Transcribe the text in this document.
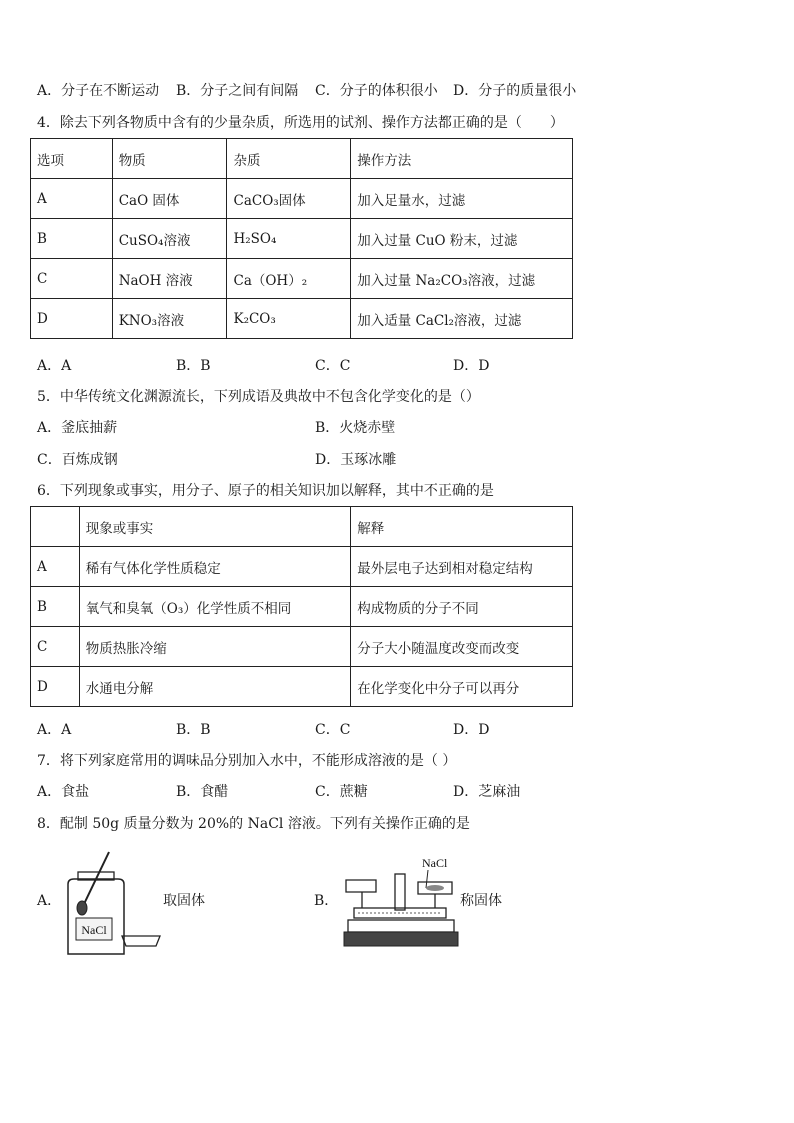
A．分子在不断运动 B．分子之间有间隔 C．分子的体积很小 D．分子的质量很小
4．除去下列各物质中含有的少量杂质，所选用的试剂、操作方法都正确的是（　　）
选项	物质	杂质	操作方法
A	CaO 固体	CaCO₃固体	加入足量水，过滤
B	CuSO₄溶液	H₂SO₄	加入过量 CuO 粉末，过滤
C	NaOH 溶液	Ca（OH）₂	加入过量 Na₂CO₃溶液，过滤
D	KNO₃溶液	K₂CO₃	加入适量 CaCl₂溶液，过滤
A．A	B．B	C．C	D．D
5．中华传统文化渊源流长，下列成语及典故中不包含化学变化的是（）
A．釜底抽薪	B．火烧赤壁
C．百炼成钢	D．玉琢冰雕
6．下列现象或事实，用分子、原子的相关知识加以解释，其中不正确的是
	现象或事实	解释
A	稀有气体化学性质稳定	最外层电子达到相对稳定结构
B	氧气和臭氧（O₃）化学性质不相同	构成物质的分子不同
C	物质热胀冷缩	分子大小随温度改变而改变
D	水通电分解	在化学变化中分子可以再分
A．A	B．B	C．C	D．D
7．将下列家庭常用的调味品分别加入水中，不能形成溶液的是（ ）
A．食盐	B．食醋	C．蔗糖	D．芝麻油
8．配制 50g 质量分数为 20%的 NaCl 溶液。下列有关操作正确的是
A．
NaCl
取固体	B．
NaCl
称固体
